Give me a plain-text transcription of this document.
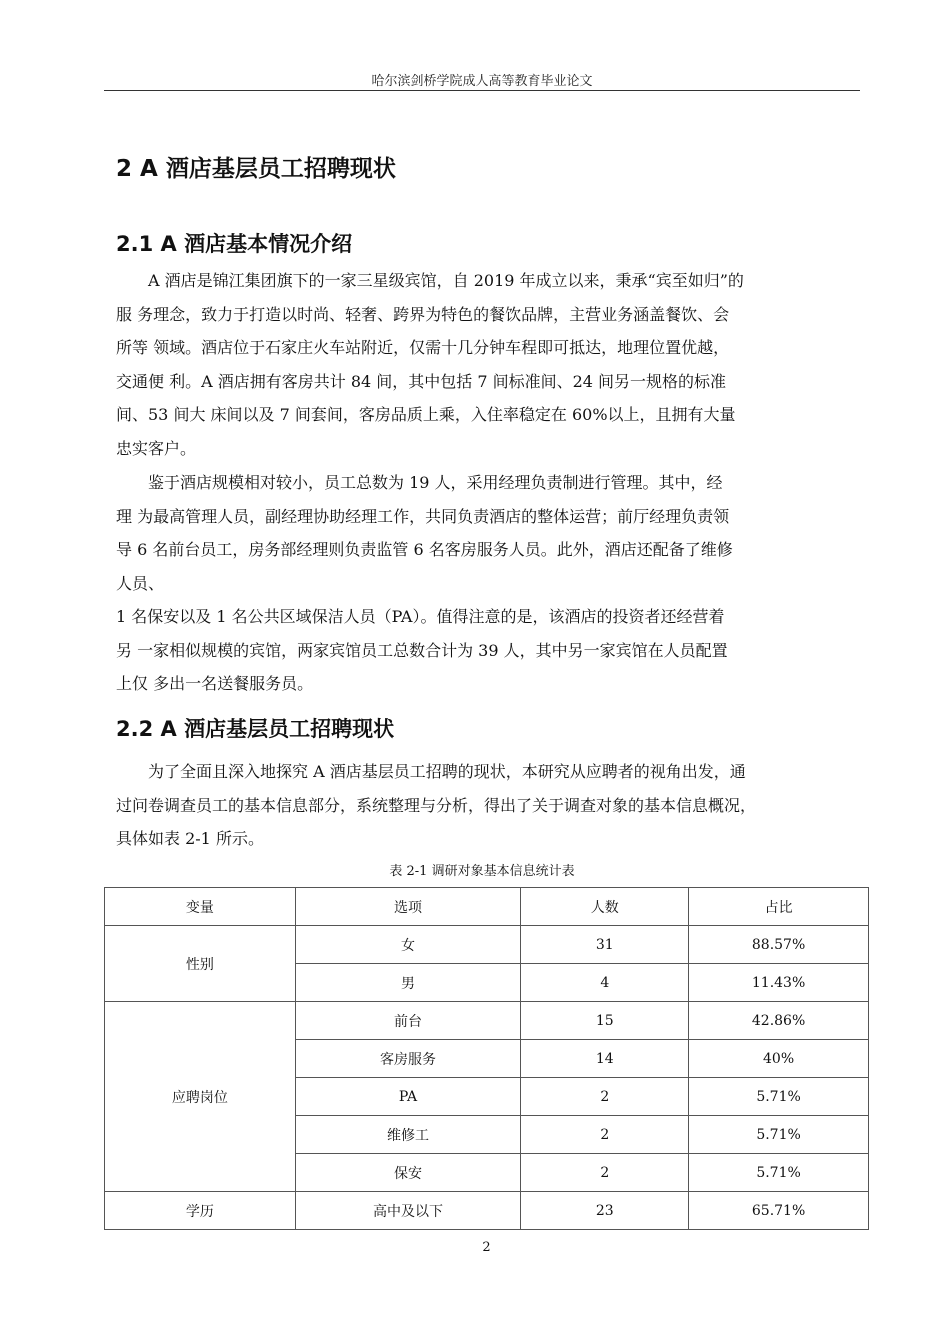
哈尔滨剑桥学院成人高等教育毕业论文
2 A 酒店基层员工招聘现状
2.1 A 酒店基本情况介绍
　　A 酒店是锦江集团旗下的一家三星级宾馆，自 2019 年成立以来，秉承“宾至如归”的
服 务理念，致力于打造以时尚、轻奢、跨界为特色的餐饮品牌，主营业务涵盖餐饮、会
所等 领域。酒店位于石家庄火车站附近，仅需十几分钟车程即可抵达，地理位置优越，
交通便 利。A 酒店拥有客房共计 84 间，其中包括 7 间标准间、24 间另一规格的标准
间、53 间大 床间以及 7 间套间，客房品质上乘，入住率稳定在 60%以上，且拥有大量
忠实客户。
　　鉴于酒店规模相对较小，员工总数为 19 人，采用经理负责制进行管理。其中，经
理 为最高管理人员，副经理协助经理工作，共同负责酒店的整体运营；前厅经理负责领
导 6 名前台员工，房务部经理则负责监管 6 名客房服务人员。此外，酒店还配备了维修
人员、
1 名保安以及 1 名公共区域保洁人员（PA）。值得注意的是，该酒店的投资者还经营着
另 一家相似规模的宾馆，两家宾馆员工总数合计为 39 人，其中另一家宾馆在人员配置
上仅 多出一名送餐服务员。
2.2 A 酒店基层员工招聘现状
　　为了全面且深入地探究 A 酒店基层员工招聘的现状，本研究从应聘者的视角出发，通
过问卷调查员工的基本信息部分，系统整理与分析，得出了关于调查对象的基本信息概况，
具体如表 2-1 所示。
表 2-1 调研对象基本信息统计表
变量	选项	人数	占比
性别	女	31	88.57%
	男	4	11.43%
应聘岗位	前台	15	42.86%
	客房服务	14	40%
	PA	2	5.71%
	维修工	2	5.71%
	保安	2	5.71%
学历	高中及以下	23	65.71%
2
